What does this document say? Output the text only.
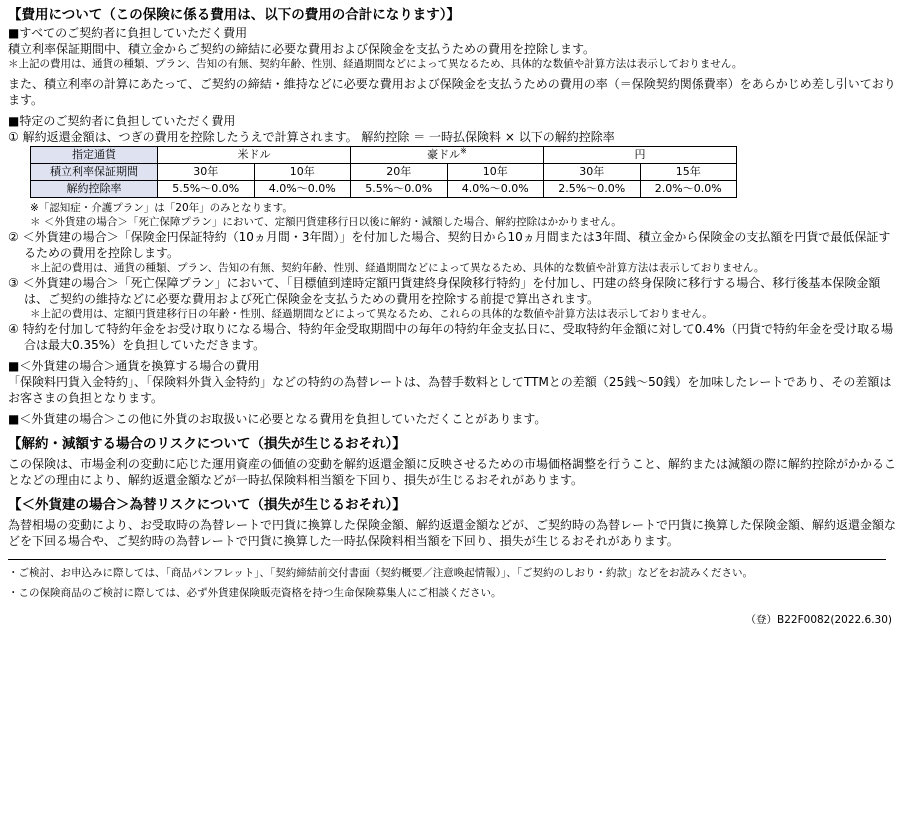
【費用について（この保険に係る費用は、以下の費用の合計になります）】

■すべてのご契約者に負担していただく費用

積立利率保証期間中、積立金からご契約の締結に必要な費用および保険金を支払うための費用を控除します。

＊上記の費用は、通貨の種類、プラン、告知の有無、契約年齢、性別、経過期間などによって異なるため、具体的な数値や計算方法は表示しておりません。

また、積立利率の計算にあたって、ご契約の締結・維持などに必要な費用および保険金を支払うための費用の率（＝保険契約関係費率）をあらかじめ差し引いております。

■特定のご契約者に負担していただく費用

① 解約返還金額は、つぎの費用を控除したうえで計算されます。 解約控除 ＝ 一時払保険料 × 以下の解約控除率

指定通貨	米ドル		豪ドル※		円	
積立利率保証期間	30年	10年	20年	10年	30年	15年
解約控除率	5.5%～0.0%	4.0%～0.0%	5.5%～0.0%	4.0%～0.0%	2.5%～0.0%	2.0%～0.0%

※「認知症・介護プラン」は「20年」のみとなります。

＊ ＜外貨建の場合＞「死亡保障プラン」において、定額円貨建移行日以後に解約・減額した場合、解約控除はかかりません。

② ＜外貨建の場合＞「保険金円保証特約（10ヵ月間・3年間）」を付加した場合、契約日から10ヵ月間または3年間、積立金から保険金の支払額を円貨で最低保証するための費用を控除します。

＊上記の費用は、通貨の種類、プラン、告知の有無、契約年齢、性別、経過期間などによって異なるため、具体的な数値や計算方法は表示しておりません。

③ ＜外貨建の場合＞「死亡保障プラン」において、「目標値到達時定額円貨建終身保険移行特約」を付加し、円建の終身保険に移行する場合、移行後基本保険金額は、ご契約の維持などに必要な費用および死亡保険金を支払うための費用を控除する前提で算出されます。

＊上記の費用は、定額円貨建移行日の年齢・性別、経過期間などによって異なるため、これらの具体的な数値や計算方法は表示しておりません。

④ 特約を付加して特約年金をお受け取りになる場合、特約年金受取期間中の毎年の特約年金支払日に、受取特約年金額に対して0.4%（円貨で特約年金を受け取る場合は最大0.35%）を負担していただきます。

■＜外貨建の場合＞通貨を換算する場合の費用

「保険料円貨入金特約」、「保険料外貨入金特約」などの特約の為替レートは、為替手数料としてTTMとの差額（25銭～50銭）を加味したレートであり、その差額はお客さまの負担となります。

■＜外貨建の場合＞この他に外貨のお取扱いに必要となる費用を負担していただくことがあります。

【解約・減額する場合のリスクについて（損失が生じるおそれ）】

この保険は、市場金利の変動に応じた運用資産の価値の変動を解約返還金額に反映させるための市場価格調整を行うこと、解約または減額の際に解約控除がかかることなどの理由により、解約返還金額などが一時払保険料相当額を下回り、損失が生じるおそれがあります。

【＜外貨建の場合＞為替リスクについて（損失が生じるおそれ）】

為替相場の変動により、お受取時の為替レートで円貨に換算した保険金額、解約返還金額などが、ご契約時の為替レートで円貨に換算した保険金額、解約返還金額などを下回る場合や、ご契約時の為替レートで円貨に換算した一時払保険料相当額を下回り、損失が生じるおそれがあります。

・ご検討、お申込みに際しては、「商品パンフレット」、「契約締結前交付書面（契約概要／注意喚起情報）」、「ご契約のしおり・約款」などをお読みください。

・この保険商品のご検討に際しては、必ず外貨建保険販売資格を持つ生命保険募集人にご相談ください。

（登）B22F0082(2022.6.30)
